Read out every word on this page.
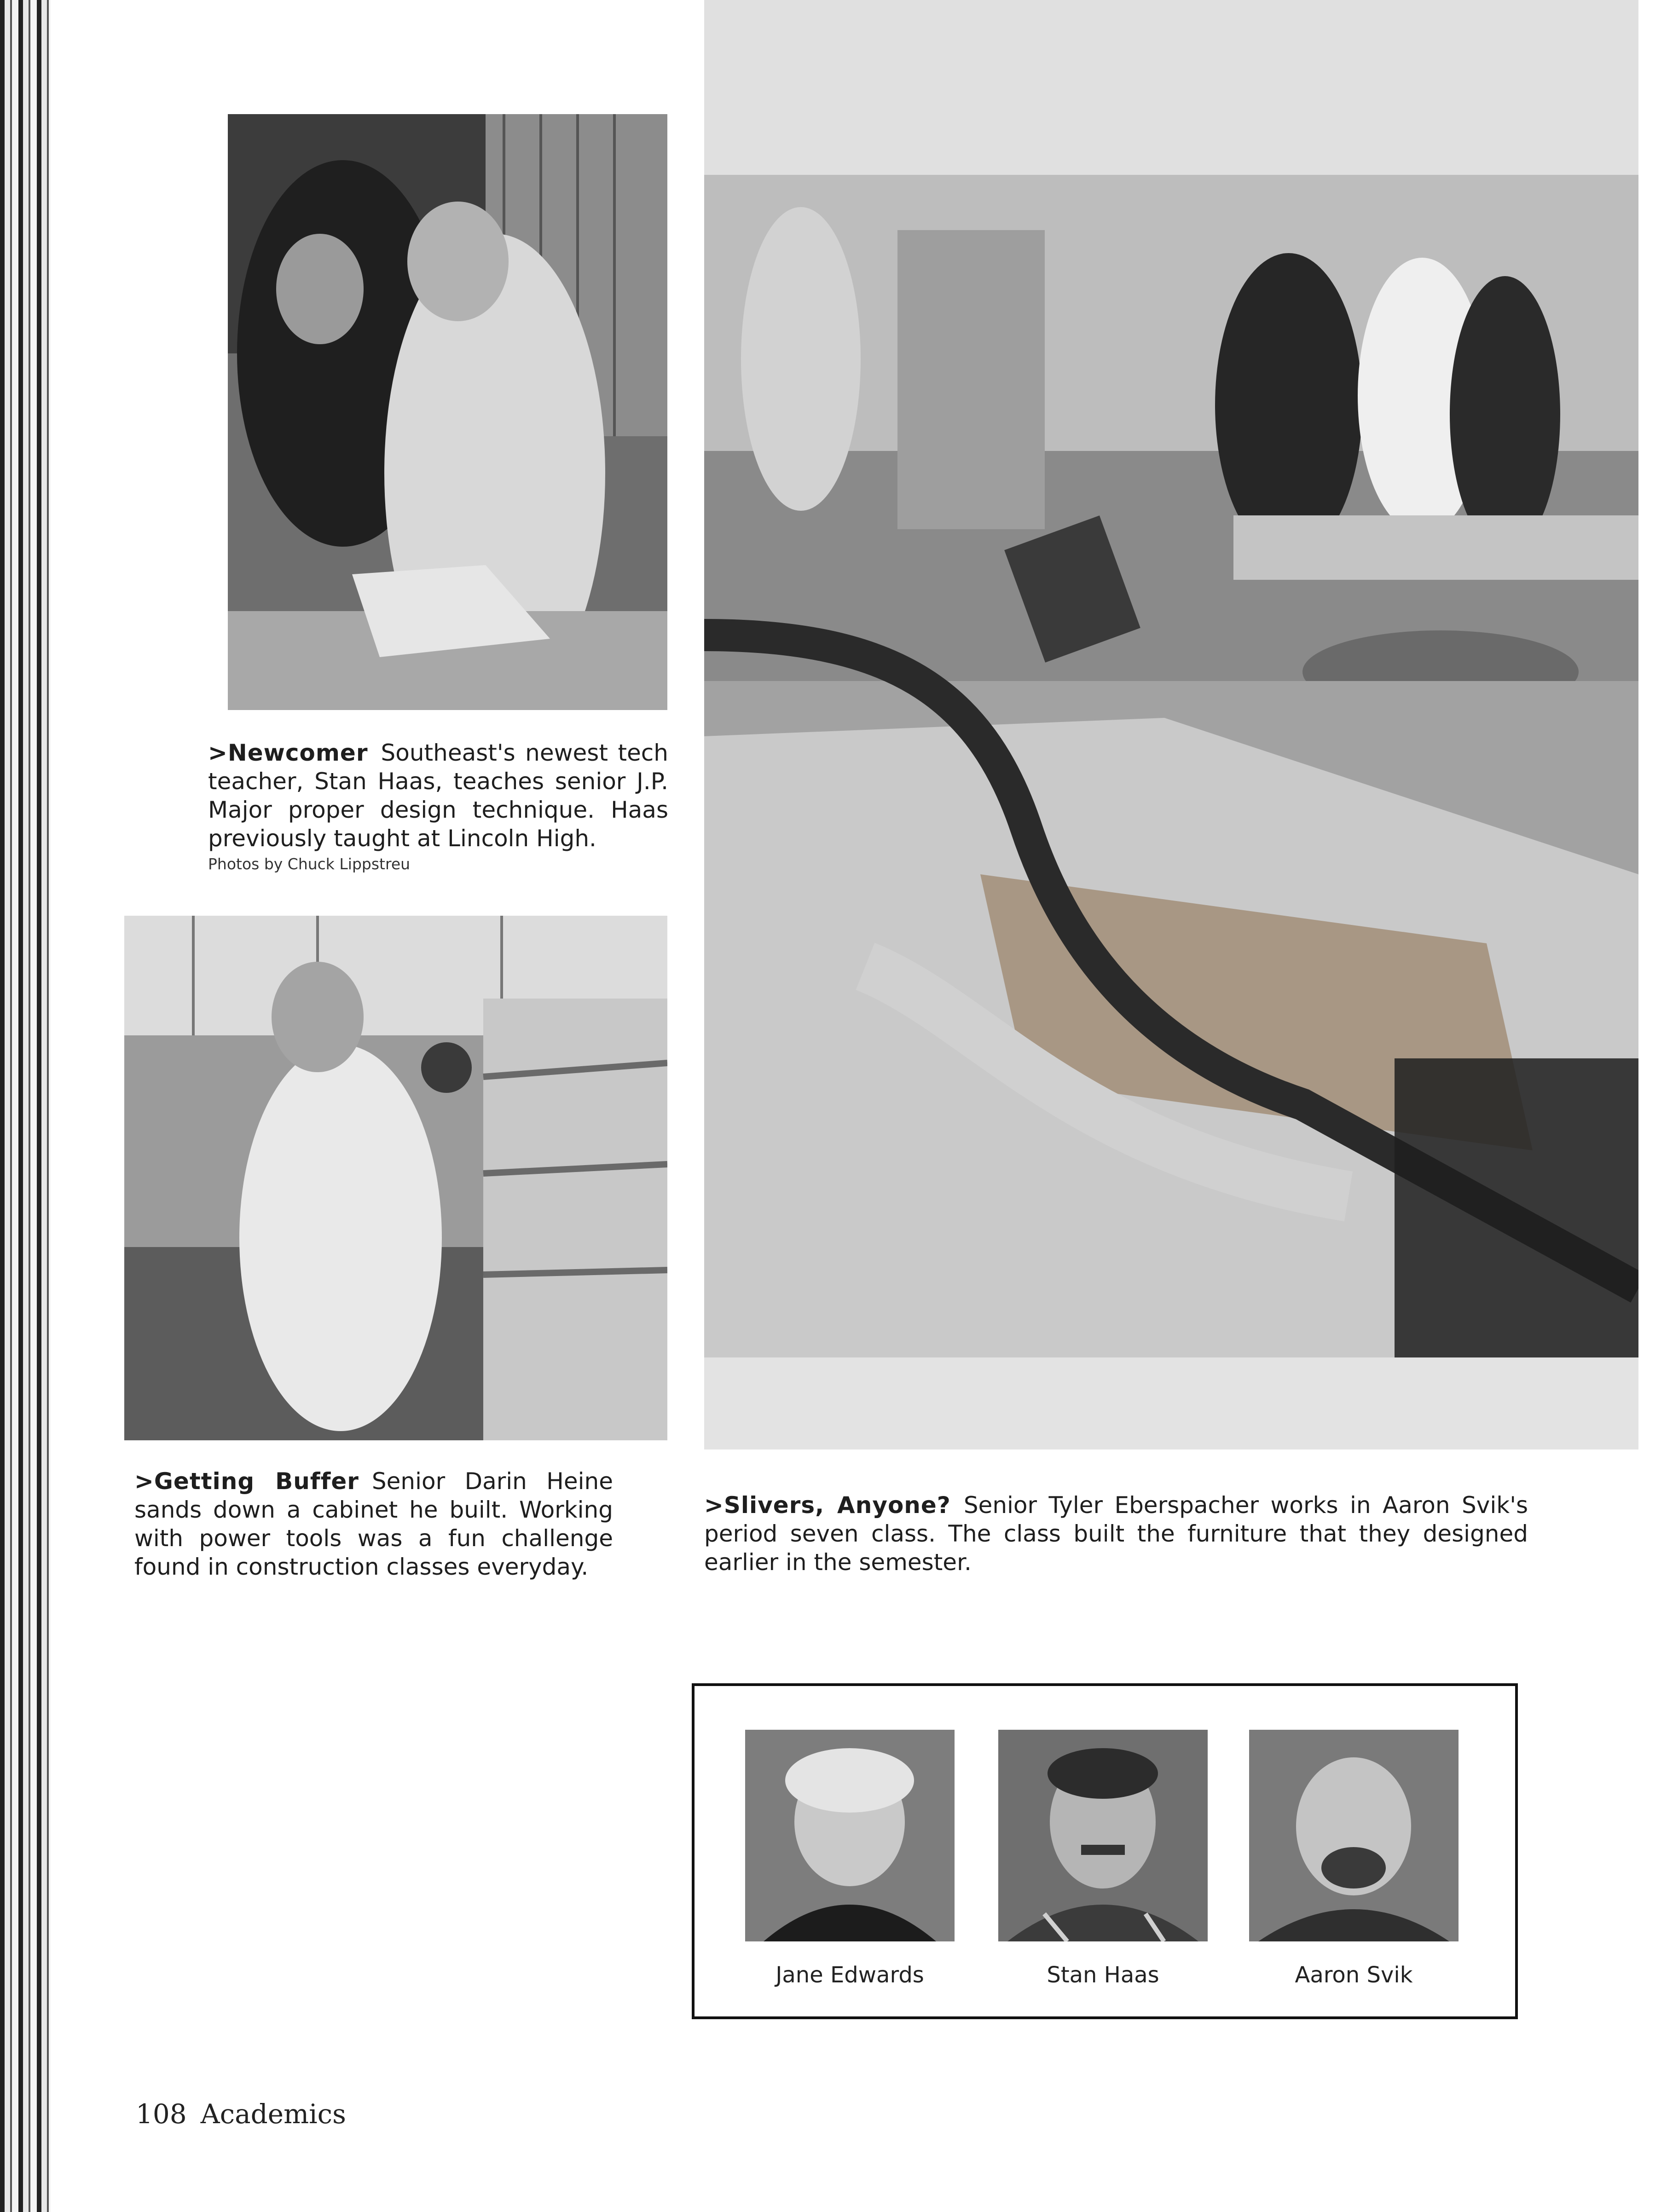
>Newcomer Southeast's newest tech teacher, Stan Haas, teaches senior J.P. Major proper design technique. Haas previously taught at Lincoln High.
Photos by Chuck Lippstreu
>Getting Buffer Senior Darin Heine sands down a cabinet he built. Working with power tools was a fun challenge found in construction classes everyday.
>Slivers, Anyone? Senior Tyler Eberspacher works in Aaron Svik's period seven class. The class built the furniture that they designed earlier in the semester.
Jane Edwards	Stan Haas	Aaron Svik
108 Academics
